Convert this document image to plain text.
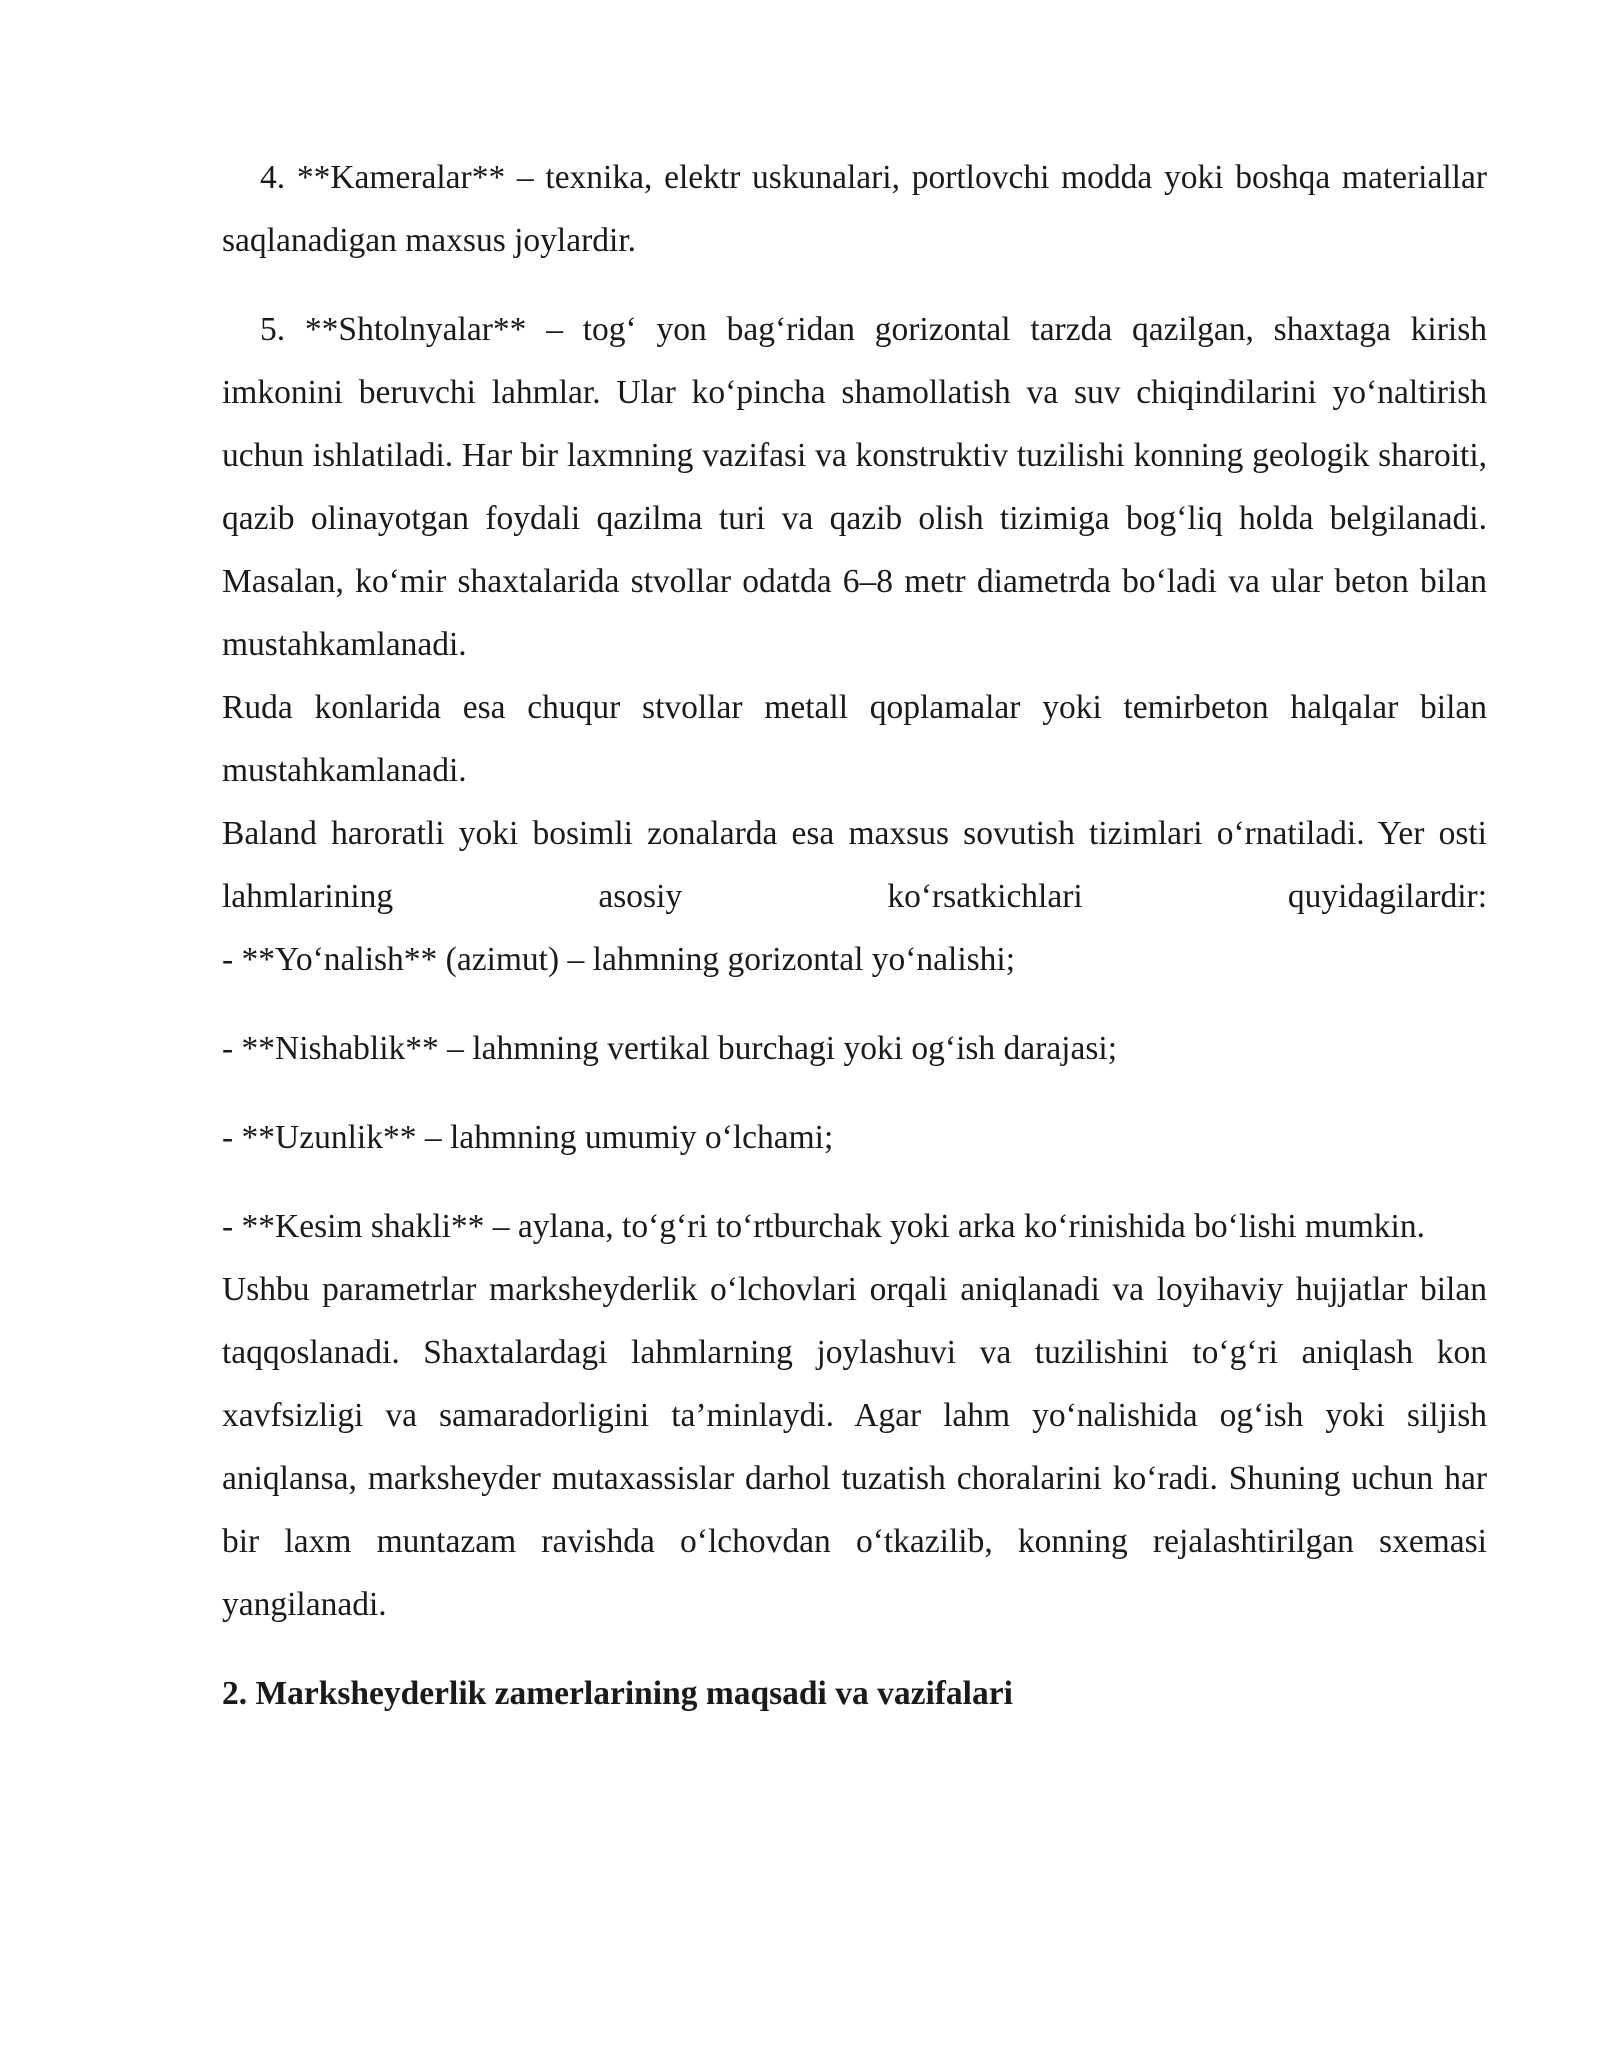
4. **Kameralar** – texnika, elektr uskunalari, portlovchi modda yoki boshqa materiallar saqlanadigan maxsus joylardir.

5. **Shtolnyalar** – tog‘ yon bag‘ridan gorizontal tarzda qazilgan, shaxtaga kirish imkonini beruvchi lahmlar. Ular ko‘pincha shamollatish va suv chiqindilarini yo‘naltirish uchun ishlatiladi. Har bir laxmning vazifasi va konstruktiv tuzilishi konning geologik sharoiti, qazib olinayotgan foydali qazilma turi va qazib olish tizimiga bog‘liq holda belgilanadi. Masalan, ko‘mir shaxtalarida stvollar odatda 6–8 metr diametrda bo‘ladi va ular beton bilan mustahkamlanadi.

Ruda konlarida esa chuqur stvollar metall qoplamalar yoki temirbeton halqalar bilan mustahkamlanadi.

Baland haroratli yoki bosimli zonalarda esa maxsus sovutish tizimlari o‘rnatiladi. Yer osti lahmlarining asosiy ko‘rsatkichlari quyidagilardir:

- **Yo‘nalish** (azimut) – lahmning gorizontal yo‘nalishi;

- **Nishablik** – lahmning vertikal burchagi yoki og‘ish darajasi;

- **Uzunlik** – lahmning umumiy o‘lchami;

- **Kesim shakli** – aylana, to‘g‘ri to‘rtburchak yoki arka ko‘rinishida bo‘lishi mumkin.

Ushbu parametrlar marksheyderlik o‘lchovlari orqali aniqlanadi va loyihaviy hujjatlar bilan taqqoslanadi. Shaxtalardagi lahmlarning joylashuvi va tuzilishini to‘g‘ri aniqlash kon xavfsizligi va samaradorligini ta’minlaydi. Agar lahm yo‘nalishida og‘ish yoki siljish aniqlansa, marksheyder mutaxassislar darhol tuzatish choralarini ko‘radi. Shuning uchun har bir laxm muntazam ravishda o‘lchovdan o‘tkazilib, konning rejalashtirilgan sxemasi yangilanadi.

2. Marksheyderlik zamerlarining maqsadi va vazifalari
